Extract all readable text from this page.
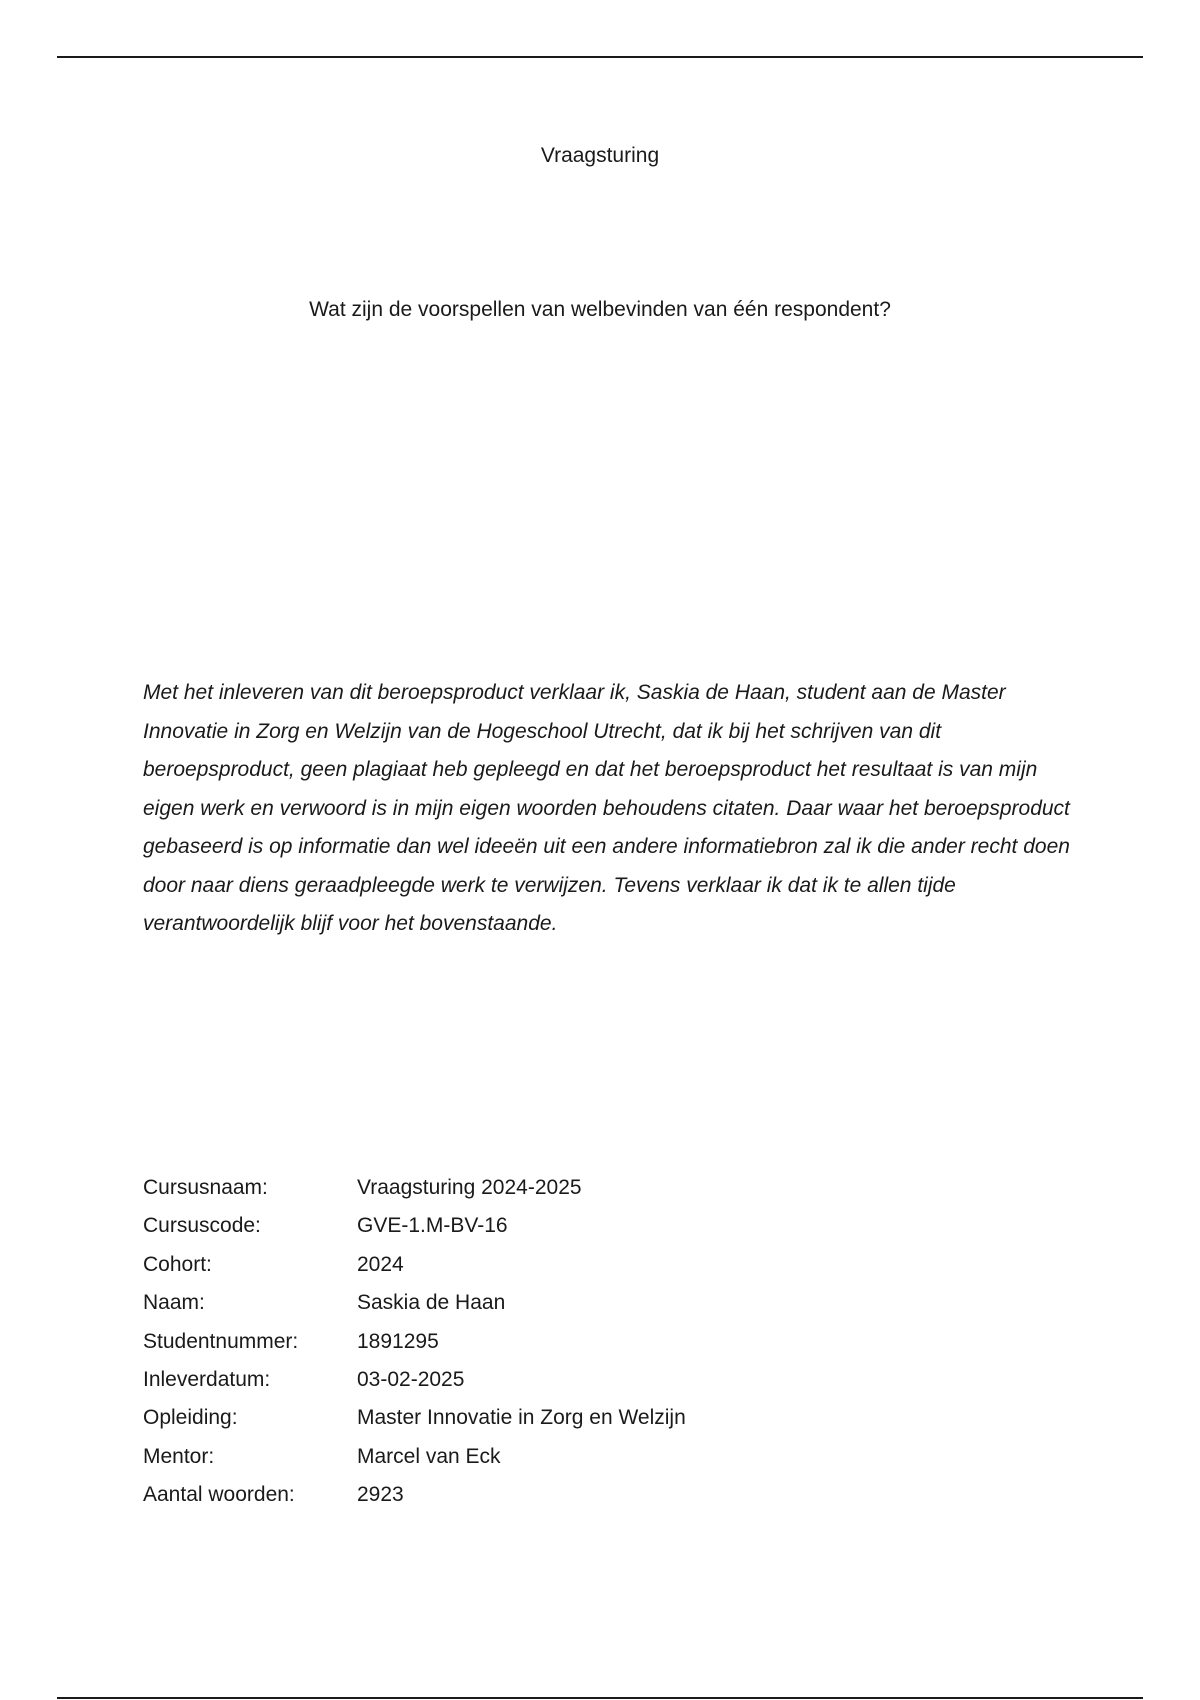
Vraagsturing
Wat zijn de voorspellen van welbevinden van één respondent?

Met het inleveren van dit beroepsproduct verklaar ik, Saskia de Haan, student aan de Master Innovatie in Zorg en Welzijn van de Hogeschool Utrecht, dat ik bij het schrijven van dit beroepsproduct, geen plagiaat heb gepleegd en dat het beroepsproduct het resultaat is van mijn eigen werk en verwoord is in mijn eigen woorden behoudens citaten. Daar waar het beroepsproduct gebaseerd is op informatie dan wel ideeën uit een andere informatiebron zal ik die ander recht doen door naar diens geraadpleegde werk te verwijzen. Tevens verklaar ik dat ik te allen tijde verantwoordelijk blijf voor het bovenstaande.

Cursusnaam:	Vraagsturing 2024-2025
Cursuscode:	GVE-1.M-BV-16
Cohort:	2024
Naam:	Saskia de Haan
Studentnummer:	1891295
Inleverdatum:	03-02-2025
Opleiding:	Master Innovatie in Zorg en Welzijn
Mentor:	Marcel van Eck
Aantal woorden:	2923
